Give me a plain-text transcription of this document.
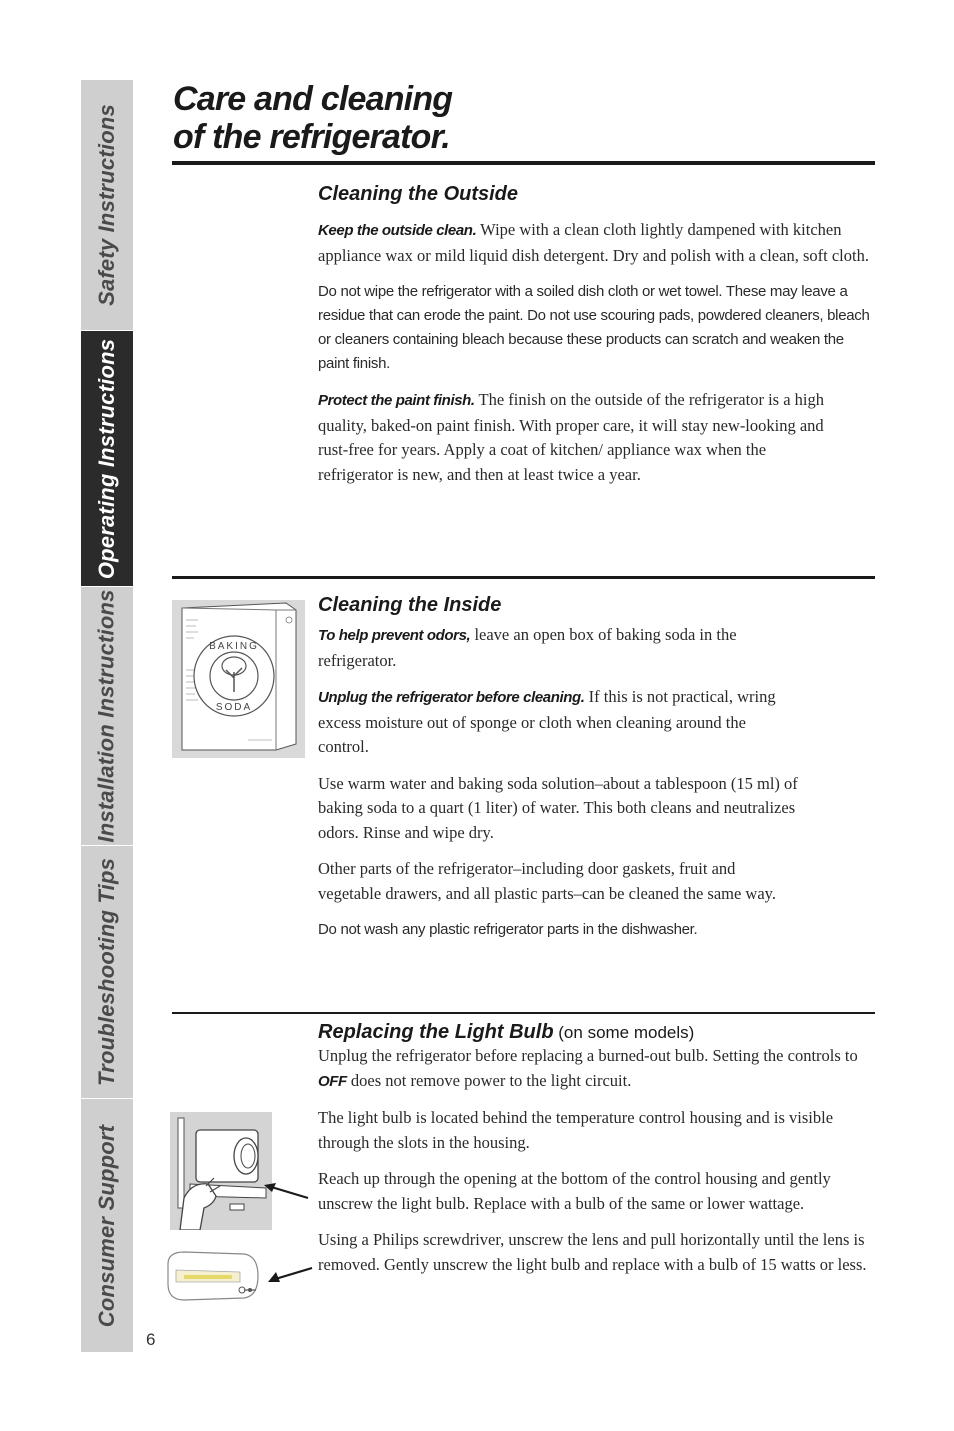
Safety Instructions
Operating Instructions
Installation Instructions
Troubleshooting Tips
Consumer Support
Care and cleaning
of the refrigerator.
Cleaning the Outside

Keep the outside clean. Wipe with a clean cloth lightly dampened with kitchen appliance wax or mild liquid dish detergent. Dry and polish with a clean, soft cloth.

Do not wipe the refrigerator with a soiled dish cloth or wet towel. These may leave a residue that can erode the paint. Do not use scouring pads, powdered cleaners, bleach or cleaners containing bleach because these products can scratch and weaken the paint finish.

Protect the paint finish. The finish on the outside of the refrigerator is a high quality, baked-on paint finish. With proper care, it will stay new-looking and rust-free for years. Apply a coat of kitchen/ appliance wax when the refrigerator is new, and then at least twice a year.

BAKING
SODA
Cleaning the Inside

To help prevent odors, leave an open box of baking soda in the refrigerator.

Unplug the refrigerator before cleaning. If this is not practical, wring excess moisture out of sponge or cloth when cleaning around the control.

Use warm water and baking soda solution–about a tablespoon (15 ml) of baking soda to a quart (1 liter) of water. This both cleans and neutralizes odors. Rinse and wipe dry.

Other parts of the refrigerator–including door gaskets, fruit and vegetable drawers, and all plastic parts–can be cleaned the same way.

Do not wash any plastic refrigerator parts in the dishwasher.

Replacing the Light Bulb (on some models)

Unplug the refrigerator before replacing a burned-out bulb. Setting the controls to OFF does not remove power to the light circuit.

The light bulb is located behind the temperature control housing and is visible through the slots in the housing.

Reach up through the opening at the bottom of the control housing and gently unscrew the light bulb. Replace with a bulb of the same or lower wattage.

Using a Philips screwdriver, unscrew the lens and pull horizontally until the lens is removed. Gently unscrew the light bulb and replace with a bulb of 15 watts or less.

6
